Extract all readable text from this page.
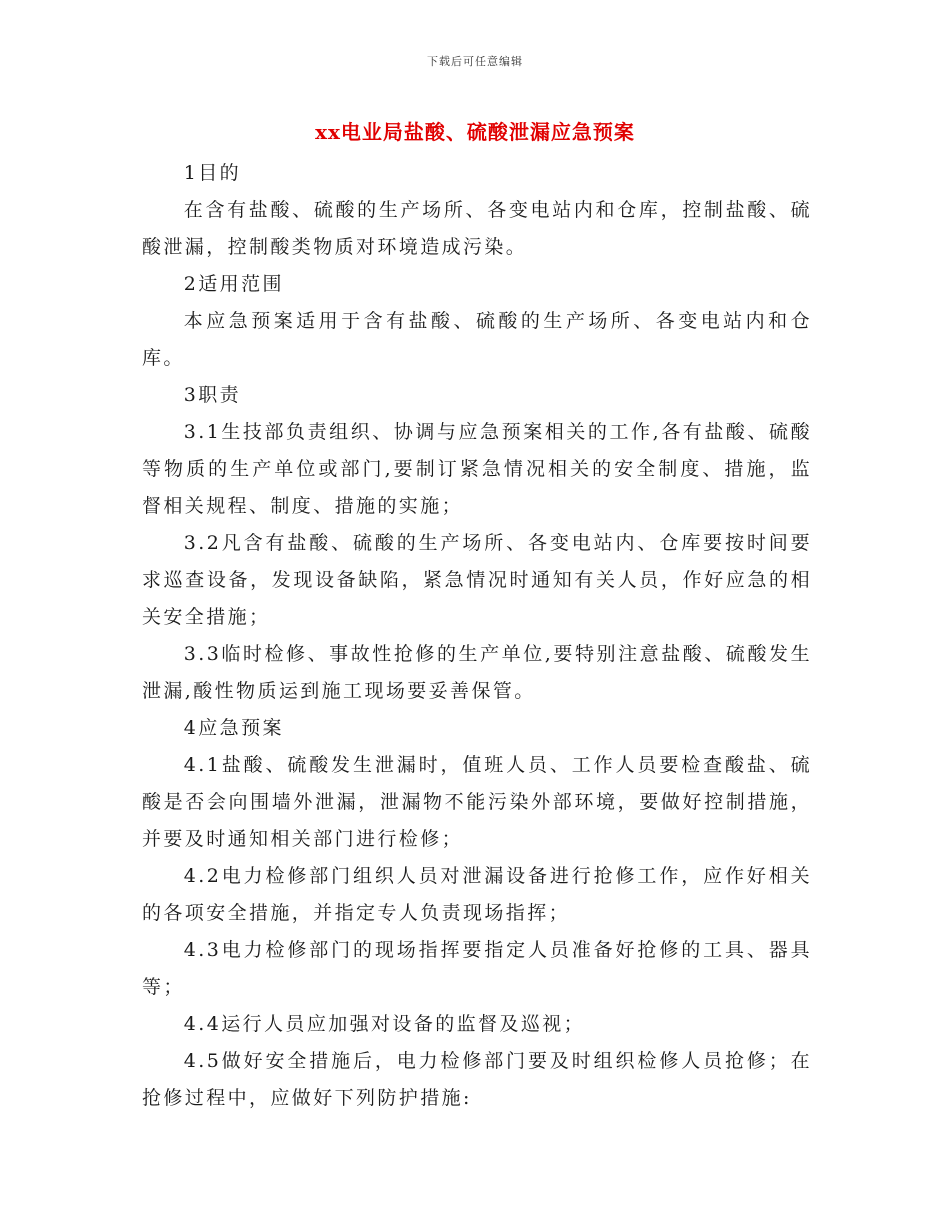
下载后可任意编辑
xx电业局盐酸、硫酸泄漏应急预案

1目的

在含有盐酸、硫酸的生产场所、各变电站内和仓库，控制盐酸、硫酸泄漏，控制酸类物质对环境造成污染。

2适用范围

本应急预案适用于含有盐酸、硫酸的生产场所、各变电站内和仓库。

3职责

3.1生技部负责组织、协调与应急预案相关的工作,各有盐酸、硫酸等物质的生产单位或部门,要制订紧急情况相关的安全制度、措施，监督相关规程、制度、措施的实施；

3.2凡含有盐酸、硫酸的生产场所、各变电站内、仓库要按时间要求巡查设备，发现设备缺陷，紧急情况时通知有关人员，作好应急的相关安全措施；

3.3临时检修、事故性抢修的生产单位,要特别注意盐酸、硫酸发生泄漏,酸性物质运到施工现场要妥善保管。

4应急预案

4.1盐酸、硫酸发生泄漏时，值班人员、工作人员要检查酸盐、硫酸是否会向围墙外泄漏，泄漏物不能污染外部环境，要做好控制措施，并要及时通知相关部门进行检修；

4.2电力检修部门组织人员对泄漏设备进行抢修工作，应作好相关的各项安全措施，并指定专人负责现场指挥；

4.3电力检修部门的现场指挥要指定人员准备好抢修的工具、器具等；

4.4运行人员应加强对设备的监督及巡视；

4.5做好安全措施后，电力检修部门要及时组织检修人员抢修；在抢修过程中，应做好下列防护措施:
